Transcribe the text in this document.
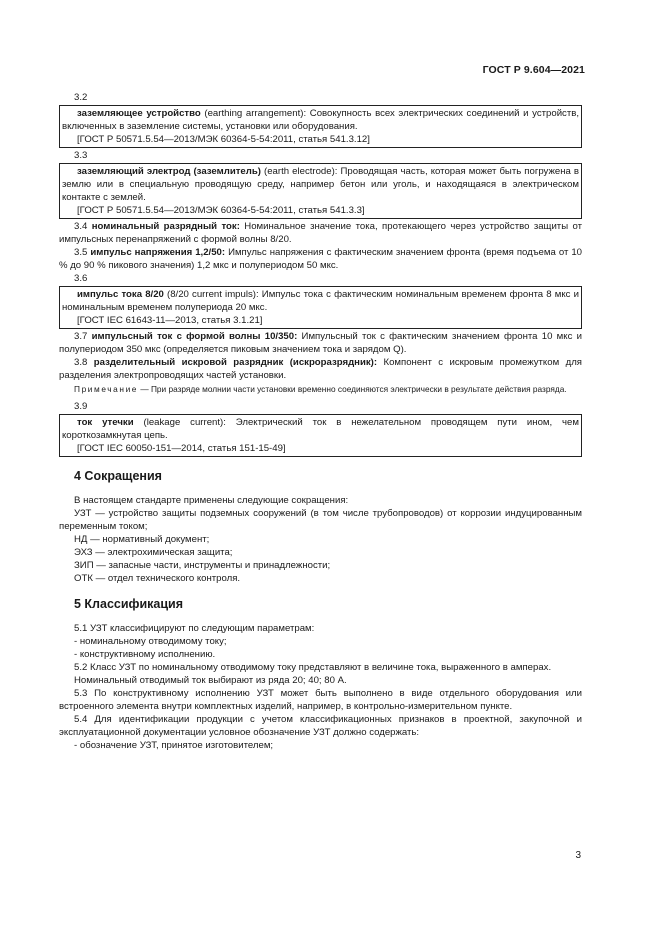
ГОСТ Р 9.604—2021

3.2

заземляющее устройство (earthing arrangement): Совокупность всех электрических соединений и устройств, включенных в заземление системы, установки или оборудования.

[ГОСТ Р 50571.5.54—2013/МЭК 60364-5-54:2011, статья 541.3.12]

3.3

заземляющий электрод (заземлитель) (earth electrode): Проводящая часть, которая может быть погружена в землю или в специальную проводящую среду, например бетон или уголь, и находящаяся в электрическом контакте с землей.

[ГОСТ Р 50571.5.54—2013/МЭК 60364-5-54:2011, статья 541.3.3]

3.4 номинальный разрядный ток: Номинальное значение тока, протекающего через устройство защиты от импульсных перенапряжений с формой волны 8/20.

3.5 импульс напряжения 1,2/50: Импульс напряжения с фактическим значением фронта (время подъема от 10 % до 90 % пикового значения) 1,2 мкс и полупериодом 50 мкс.

3.6

импульс тока 8/20 (8/20 current impuls): Импульс тока с фактическим номинальным временем фронта 8 мкс и номинальным временем полупериода 20 мкс.

[ГОСТ IEC 61643-11—2013, статья 3.1.21]

3.7 импульсный ток с формой волны 10/350: Импульсный ток с фактическим значением фронта 10 мкс и полупериодом 350 мкс (определяется пиковым значением тока и зарядом Q).

3.8 разделительный искровой разрядник (искроразрядник): Компонент с искровым промежутком для разделения электропроводящих частей установки.

Примечание — При разряде молнии части установки временно соединяются электрически в результате действия разряда.

3.9

ток утечки (leakage current): Электрический ток в нежелательном проводящем пути ином, чем короткозамкнутая цепь.

[ГОСТ IEC 60050-151—2014, статья 151-15-49]

4 Сокращения

В настоящем стандарте применены следующие сокращения:

УЗТ — устройство защиты подземных сооружений (в том числе трубопроводов) от коррозии индуцированным переменным током;

НД — нормативный документ;

ЭХЗ — электрохимическая защита;

ЗИП — запасные части, инструменты и принадлежности;

ОТК — отдел технического контроля.

5 Классификация

5.1 УЗТ классифицируют по следующим параметрам:

- номинальному отводимому току;

- конструктивному исполнению.

5.2 Класс УЗТ по номинальному отводимому току представляют в величине тока, выраженного в амперах.

Номинальный отводимый ток выбирают из ряда 20; 40; 80 А.

5.3 По конструктивному исполнению УЗТ может быть выполнено в виде отдельного оборудования или встроенного элемента внутри комплектных изделий, например, в контрольно-измерительном пункте.

5.4 Для идентификации продукции с учетом классификационных признаков в проектной, закупочной и эксплуатационной документации условное обозначение УЗТ должно содержать:

- обозначение УЗТ, принятое изготовителем;

3
